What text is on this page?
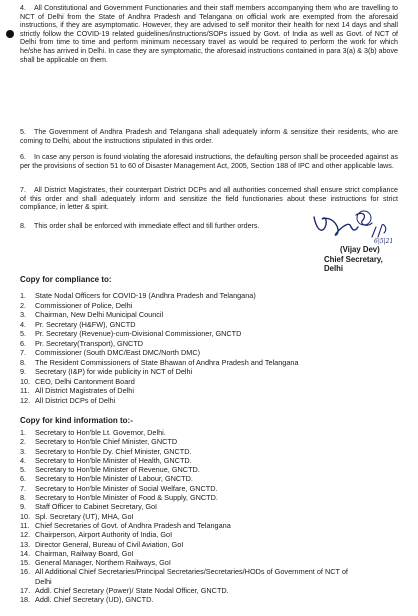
4. All Constitutional and Government Functionaries and their staff members accompanying them who are travelling to NCT of Delhi from the State of Andhra Pradesh and Telangana on official work are exempted from the aforesaid instructions, if they are asymptomatic. However, they are advised to self monitor their health for next 14 days and shall strictly follow the COVID-19 related guidelines/instructions/SOPs issued by Govt. of India as well as Govt. of NCT of Delhi from time to time and perform minimum necessary travel as would be required to perform the work for which he/she has arrived in Delhi. In case they are symptomatic, the aforesaid instructions contained in para 3(a) & 3(b) above shall be applicable on them.
5. The Government of Andhra Pradesh and Telangana shall adequately inform & sensitize their residents, who are coming to Delhi, about the instructions stipulated in this order.
6. In case any person is found violating the aforesaid instructions, the defaulting person shall be proceeded against as per the provisions of section 51 to 60 of Disaster Management Act, 2005, Section 188 of IPC and other applicable laws.
7. All District Magistrates, their counterpart District DCPs and all authorities concerned shall ensure strict compliance of this order and shall adequately inform and sensitize the field functionaries about these instructions for strict compliance, in letter & spirit.
8. This order shall be enforced with immediate effect and till further orders.
6|5|21
(Vijay Dev)
Chief Secretary, Delhi
Copy for compliance to:
1. State Nodal Officers for COVID-19 (Andhra Pradesh and Telangana)
2. Commissioner of Police, Delhi
3. Chairman, New Delhi Municipal Council
4. Pr. Secretary (H&FW), GNCTD
5. Pr. Secretary (Revenue)-cum-Divisional Commissioner, GNCTD
6. Pr. Secretary(Transport), GNCTD
7. Commissioner (South DMC/East DMC/North DMC)
8. The Resident Commissioners of State Bhawan of Andhra Pradesh and Telangana
9. Secretary (I&P) for wide publicity in NCT of Delhi
10. CEO, Delhi Cantonment Board
11. All District Magistrates of Delhi
12. All District DCPs of Delhi
Copy for kind information to:-
1. Secretary to Hon'ble Lt. Governor, Delhi.
2. Secretary to Hon'ble Chief Minister, GNCTD
3. Secretary to Hon'ble Dy. Chief Minister, GNCTD.
4. Secretary to Hon'ble Minister of Health, GNCTD.
5. Secretary to Hon'ble Minister of Revenue, GNCTD.
6. Secretary to Hon'ble Minister of Labour, GNCTD.
7. Secretary to Hon'ble Minister of Social Welfare, GNCTD.
8. Secretary to Hon'ble Minister of Food & Supply, GNCTD.
9. Staff Officer to Cabinet Secretary, GoI
10. Spl. Secretary (UT), MHA, GoI
11. Chief Secretaries of Govt. of Andhra Pradesh and Telangana
12. Chairperson, Airport Authority of India, GoI
13. Director General, Bureau of Civil Aviation, GoI
14. Chairman, Railway Board, GoI
15. General Manager, Northern Railways, GoI
16. All Additional Chief Secretaries/Principal Secretaries/Secretaries/HODs of Government of NCT of
Delhi
17. Addl. Chief Secretary (Power)/ State Nodal Officer, GNCTD.
18. Addl. Chief Secretary (UD), GNCTD.
